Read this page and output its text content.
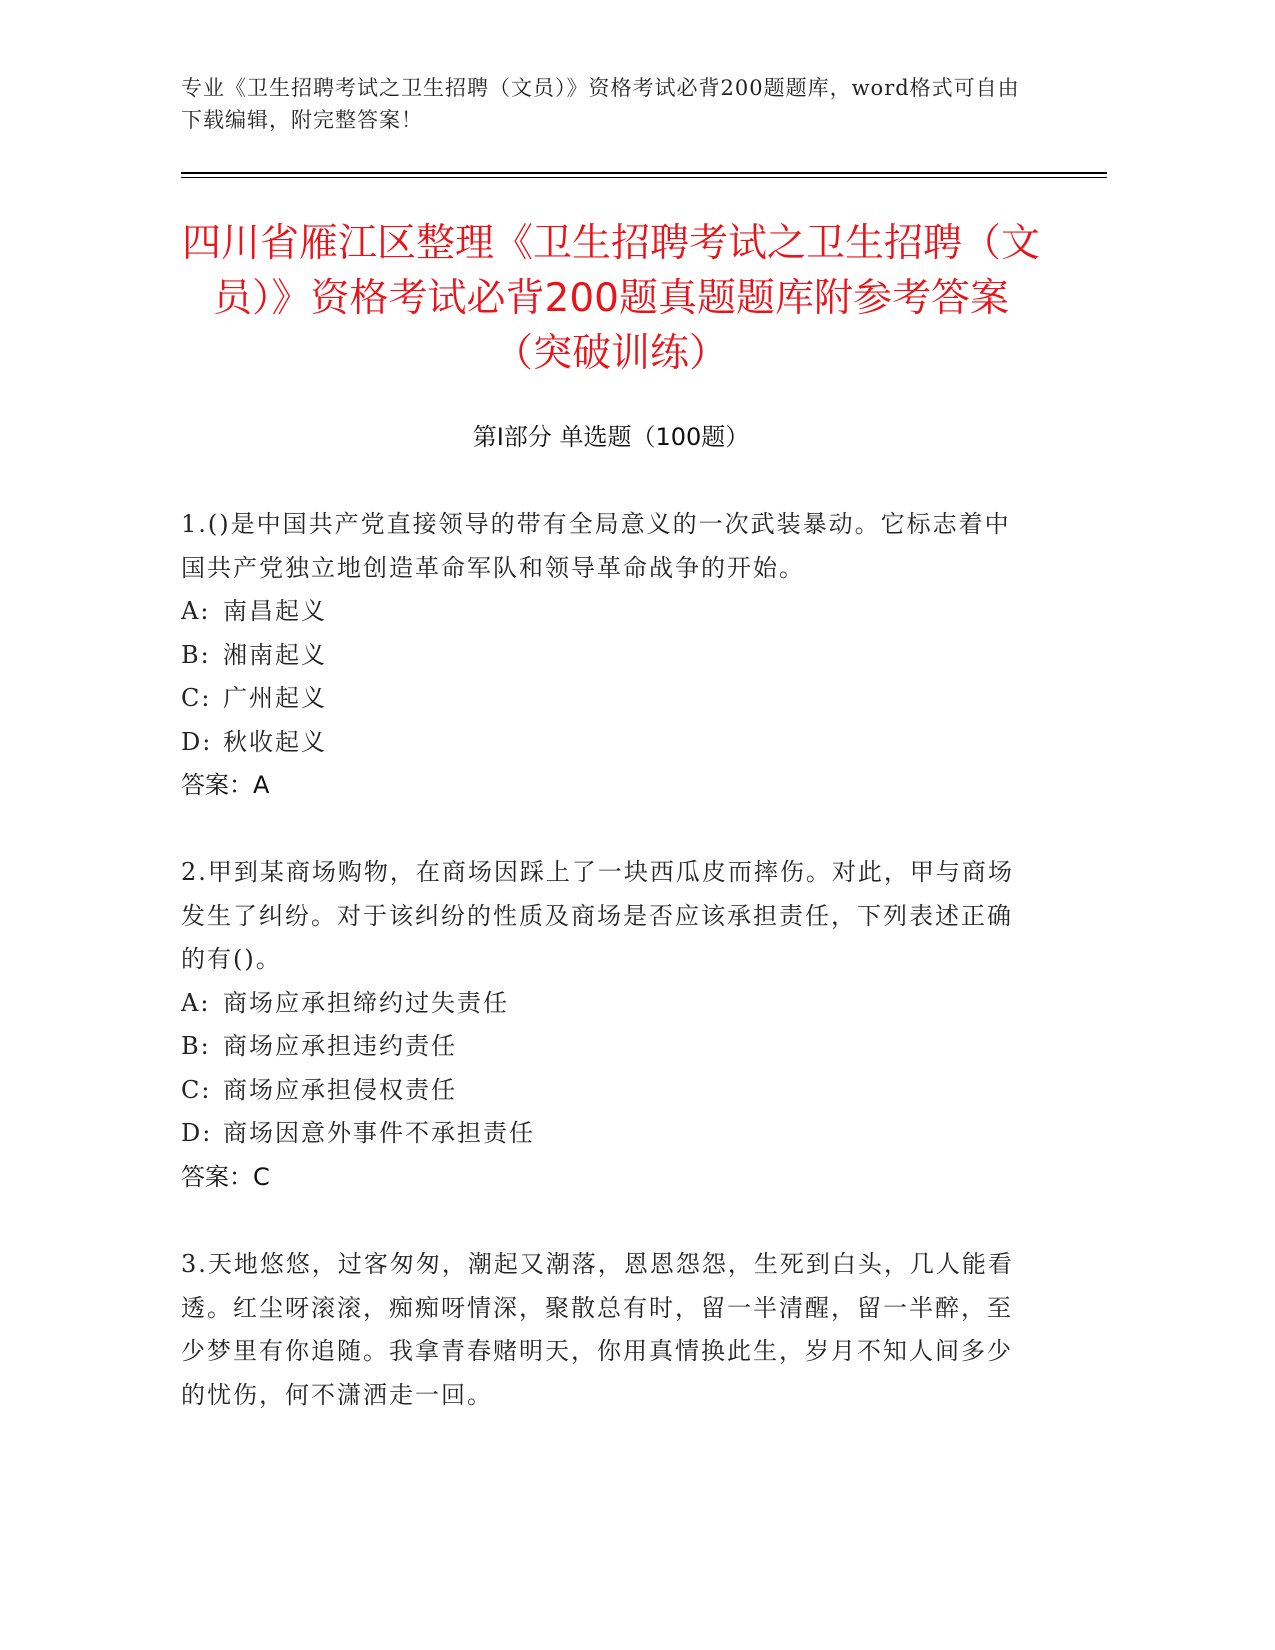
专业《卫生招聘考试之卫生招聘（文员）》资格考试必背200题题库，word格式可自由下载编辑，附完整答案！
四川省雁江区整理《卫生招聘考试之卫生招聘（文员）》资格考试必背200题真题题库附参考答案（突破训练）
第Ⅰ部分 单选题（100题）
1.()是中国共产党直接领导的带有全局意义的一次武装暴动。它标志着中国共产党独立地创造革命军队和领导革命战争的开始。
A: 南昌起义
B: 湘南起义
C: 广州起义
D: 秋收起义
答案：A
2.甲到某商场购物，在商场因踩上了一块西瓜皮而摔伤。对此，甲与商场发生了纠纷。对于该纠纷的性质及商场是否应该承担责任，下列表述正确的有()。
A: 商场应承担缔约过失责任
B: 商场应承担违约责任
C: 商场应承担侵权责任
D: 商场因意外事件不承担责任
答案：C
3.天地悠悠，过客匆匆，潮起又潮落，恩恩怨怨，生死到白头，几人能看透。红尘呀滚滚，痴痴呀情深，聚散总有时，留一半清醒，留一半醉，至少梦里有你追随。我拿青春赌明天，你用真情换此生，岁月不知人间多少的忧伤，何不潇洒走一回。
